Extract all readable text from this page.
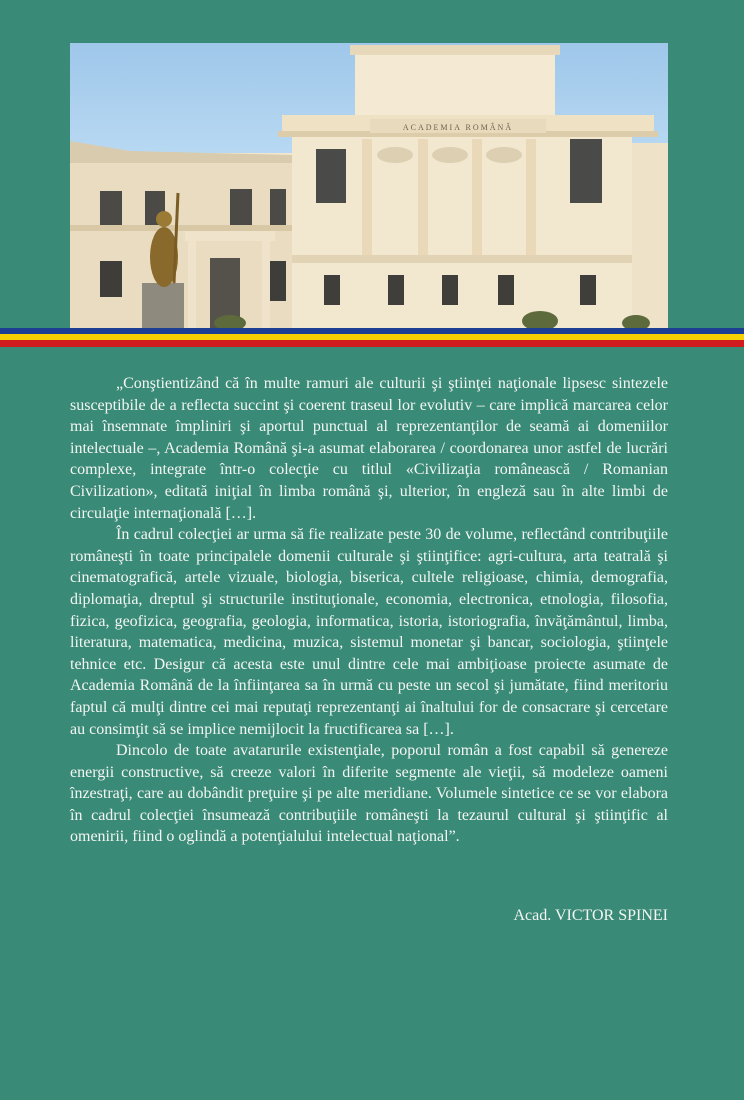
ACADEMIA ROMÂNĂ

„Conştientizând că în multe ramuri ale culturii şi ştiinţei naţionale lipsesc sintezele susceptibile de a reflecta succint şi coerent traseul lor evolutiv – care implică marcarea celor mai însemnate împliniri şi aportul punctual al reprezentanţilor de seamă ai domeniilor intelectuale –, Academia Română şi-a asumat elaborarea / coordonarea unor astfel de lucrări complexe, integrate într-o colecţie cu titlul «Civilizaţia românească / Romanian Civilization», editată iniţial în limba română şi, ulterior, în engleză sau în alte limbi de circulaţie internaţională […].

În cadrul colecţiei ar urma să fie realizate peste 30 de volume, reflectând contribuţiile româneşti în toate principalele domenii culturale şi ştiinţifice: agri-cultura, arta teatrală şi cinematografică, artele vizuale, biologia, biserica, cultele religioase, chimia, demografia, diplomaţia, dreptul şi structurile instituţionale, economia, electronica, etnologia, filosofia, fizica, geofizica, geografia, geologia, informatica, istoria, istoriografia, învăţământul, limba, literatura, matematica, medicina, muzica, sistemul monetar şi bancar, sociologia, ştiinţele tehnice etc. Desigur că acesta este unul dintre cele mai ambiţioase proiecte asumate de Academia Română de la înfiinţarea sa în urmă cu peste un secol şi jumătate, fiind meritoriu faptul că mulţi dintre cei mai reputaţi reprezentanţi ai înaltului for de consacrare şi cercetare au consimţit să se implice nemijlocit la fructificarea sa […].

Dincolo de toate avatarurile existenţiale, poporul român a fost capabil să genereze energii constructive, să creeze valori în diferite segmente ale vieţii, să modeleze oameni înzestraţi, care au dobândit preţuire şi pe alte meridiane. Volumele sintetice ce se vor elabora în cadrul colecţiei însumează contribuţiile româneşti la tezaurul cultural şi ştiinţific al omenirii, fiind o oglindă a potenţialului intelectual naţional”.

Acad. VICTOR SPINEI
